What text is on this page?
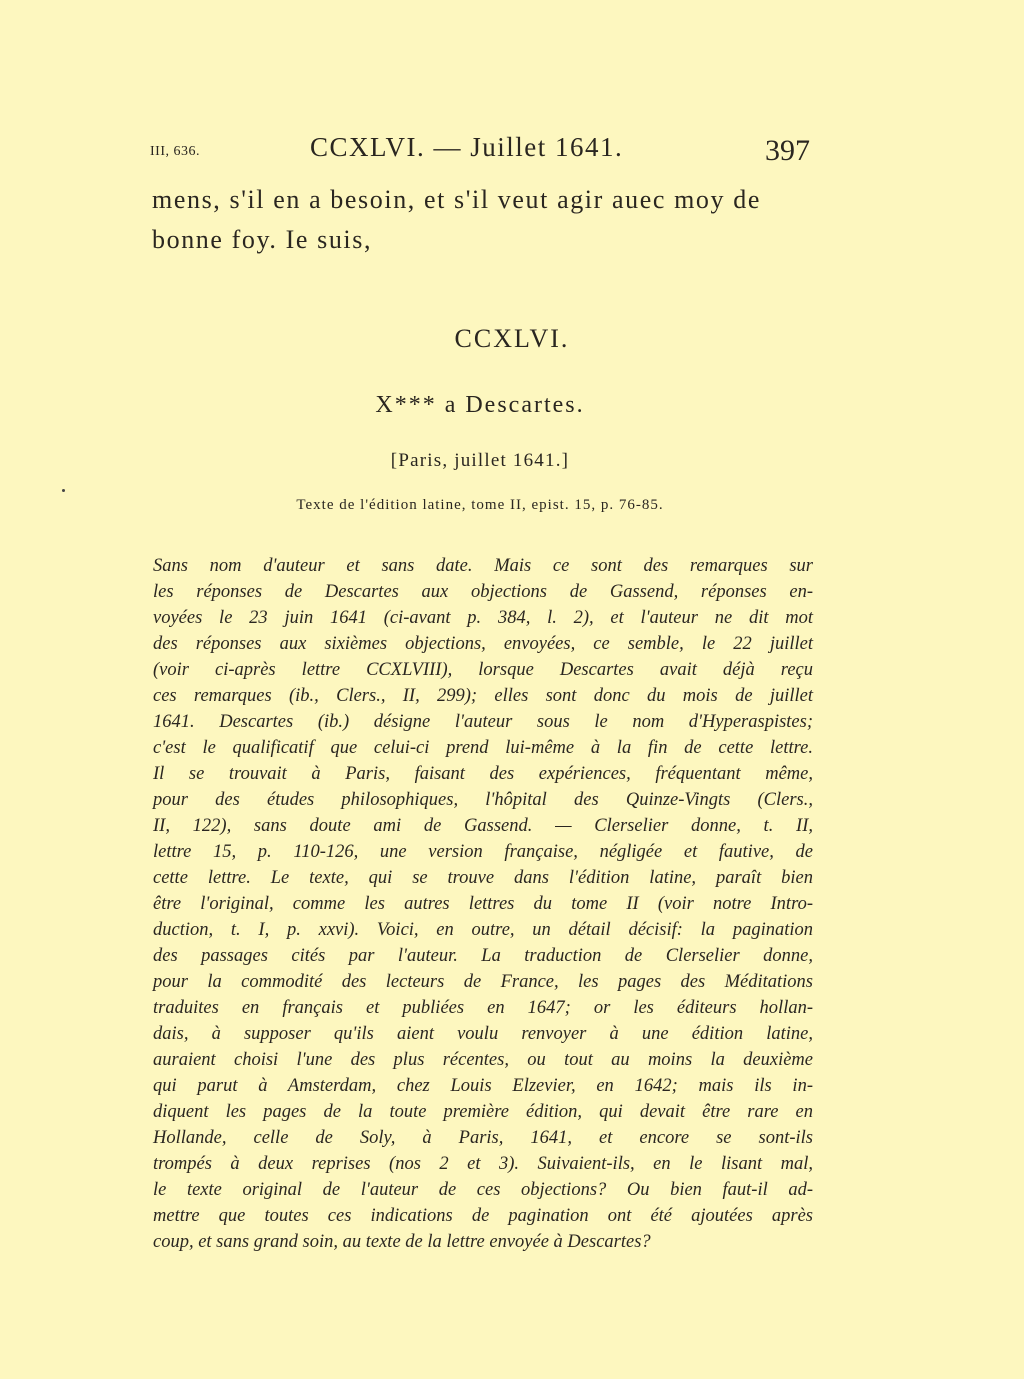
III, 636.	CCXLVI. — Juillet 1641.	397

mens, s'il en a besoin, et s'il veut agir auec moy de

bonne foy. Ie suis,

CCXLVI.
X*** a Descartes.
[Paris, juillet 1641.]
Texte de l'édition latine, tome II, epist. 15, p. 76-85.
Sans nom d'auteur et sans date. Mais ce sont des remarques sur
les réponses de Descartes aux objections de Gassend, réponses en-
voyées le 23 juin 1641 (ci-avant p. 384, l. 2), et l'auteur ne dit mot
des réponses aux sixièmes objections, envoyées, ce semble, le 22 juillet
(voir ci-après lettre CCXLVIII), lorsque Descartes avait déjà reçu
ces remarques (ib., Clers., II, 299); elles sont donc du mois de juillet
1641. Descartes (ib.) désigne l'auteur sous le nom d'Hyperaspistes;
c'est le qualificatif que celui-ci prend lui-même à la fin de cette lettre.
Il se trouvait à Paris, faisant des expériences, fréquentant même,
pour des études philosophiques, l'hôpital des Quinze-Vingts (Clers.,
II, 122), sans doute ami de Gassend. — Clerselier donne, t. II,
lettre 15, p. 110-126, une version française, négligée et fautive, de
cette lettre. Le texte, qui se trouve dans l'édition latine, paraît bien
être l'original, comme les autres lettres du tome II (voir notre Intro-
duction, t. I, p. xxvi). Voici, en outre, un détail décisif: la pagination
des passages cités par l'auteur. La traduction de Clerselier donne,
pour la commodité des lecteurs de France, les pages des Méditations
traduites en français et publiées en 1647; or les éditeurs hollan-
dais, à supposer qu'ils aient voulu renvoyer à une édition latine,
auraient choisi l'une des plus récentes, ou tout au moins la deuxième
qui parut à Amsterdam, chez Louis Elzevier, en 1642; mais ils in-
diquent les pages de la toute première édition, qui devait être rare en
Hollande, celle de Soly, à Paris, 1641, et encore se sont-ils
trompés à deux reprises (nos 2 et 3). Suivaient-ils, en le lisant mal,
le texte original de l'auteur de ces objections? Ou bien faut-il ad-
mettre que toutes ces indications de pagination ont été ajoutées après
coup, et sans grand soin, au texte de la lettre envoyée à Descartes?
